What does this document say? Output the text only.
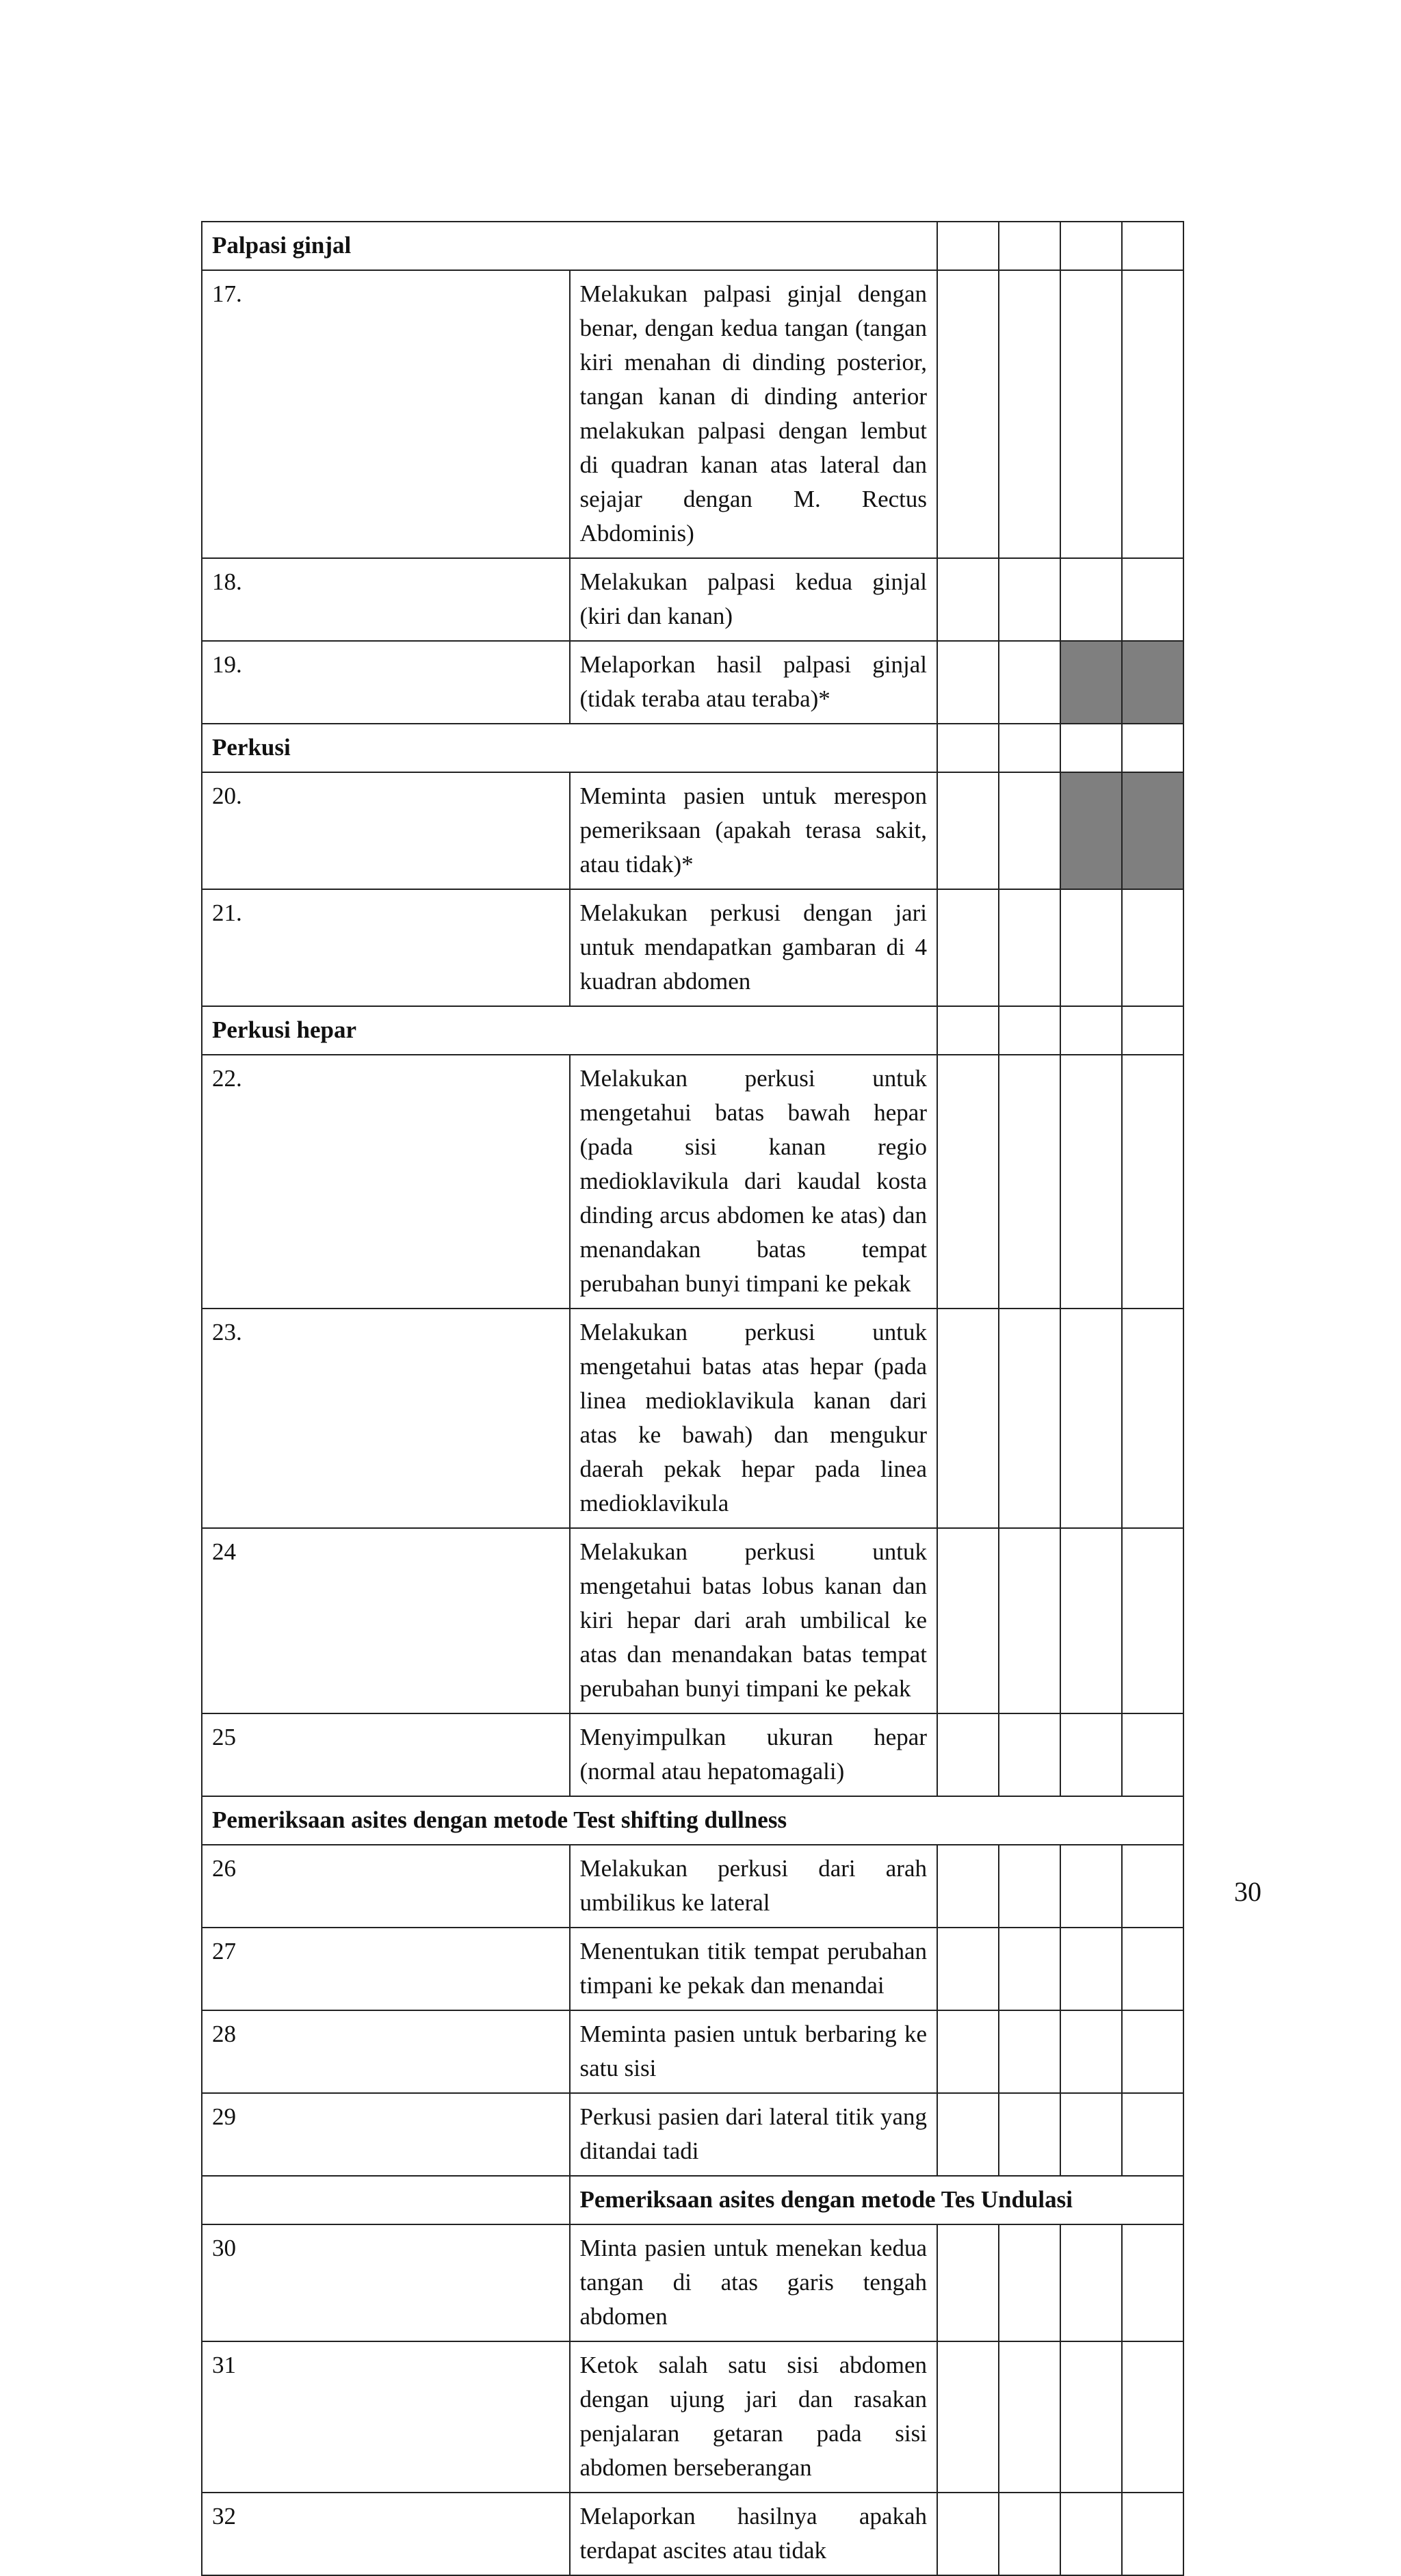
Palpasi ginjal					
17.	Melakukan palpasi ginjal dengan benar, dengan kedua tangan (tangan kiri menahan di dinding posterior, tangan kanan di dinding anterior melakukan palpasi dengan lembut di quadran kanan atas lateral dan sejajar dengan M. Rectus Abdominis)				
18.	Melakukan palpasi kedua ginjal (kiri dan kanan)				
19.	Melaporkan hasil palpasi ginjal (tidak teraba atau teraba)*				
Perkusi					
20.	Meminta pasien untuk merespon pemeriksaan (apakah terasa sakit, atau tidak)*				
21.	Melakukan perkusi dengan jari untuk mendapatkan gambaran di 4 kuadran abdomen				
Perkusi hepar					
22.	Melakukan perkusi untuk mengetahui batas bawah hepar (pada sisi kanan regio medioklavikula dari kaudal kosta dinding arcus abdomen ke atas) dan menandakan batas tempat perubahan bunyi timpani ke pekak				
23.	Melakukan perkusi untuk mengetahui batas atas hepar (pada linea medioklavikula kanan dari atas ke bawah) dan mengukur daerah pekak hepar pada linea medioklavikula				
24	Melakukan perkusi untuk mengetahui batas lobus kanan dan kiri hepar dari arah umbilical ke atas dan menandakan batas tempat perubahan bunyi timpani ke pekak				
25	Menyimpulkan ukuran hepar (normal atau hepatomagali)				
Pemeriksaan asites dengan metode Test shifting dullness					
26	Melakukan perkusi dari arah umbilikus ke lateral				
27	Menentukan titik tempat perubahan timpani ke pekak dan menandai				
28	Meminta pasien untuk berbaring ke satu sisi				
29	Perkusi pasien dari lateral titik yang ditandai tadi				
	Pemeriksaan asites dengan metode Tes Undulasi				
30	Minta pasien untuk menekan kedua tangan di atas garis tengah abdomen				
31	Ketok salah satu sisi abdomen dengan ujung jari dan rasakan penjalaran getaran pada sisi abdomen berseberangan				
32	Melaporkan hasilnya apakah terdapat ascites atau tidak				
30
